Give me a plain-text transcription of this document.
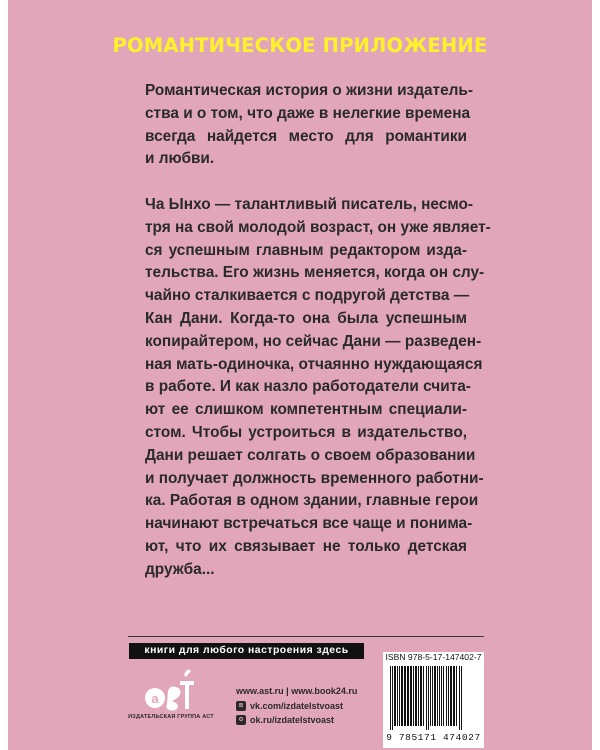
РОМАНТИЧЕСКОЕ ПРИЛОЖЕНИЕ
Романтическая история о жизни издатель-
ства и о том, что даже в нелегкие времена
всегда найдется место для романтики
и любви.
Ча Ынхо — талантливый писатель, несмо-
тря на свой молодой возраст, он уже являет-
ся успешным главным редактором изда-
тельства. Его жизнь меняется, когда он слу-
чайно сталкивается с подругой детства —
Кан Дани. Когда-то она была успешным
копирайтером, но сейчас Дани — разведен-
ная мать-одиночка, отчаянно нуждающаяся
в работе. И как назло работодатели счита-
ют ее слишком компетентным специали-
стом. Чтобы устроиться в издательство,
Дани решает солгать о своем образовании
и получает должность временного работни-
ка. Работая в одном здании, главные герои
начинают встречаться все чаще и понима-
ют, что их связывает не только детская
дружба...
книги для любого настроения здесь
a
ИЗДАТЕЛЬСКАЯ ГРУППА АСТ
www.ast.ru | www.book24.ru
в vk.com/izdatelstvoast
о ok.ru/izdatelstvoast
ISBN 978-5-17-147402-7
9 785171 474027
